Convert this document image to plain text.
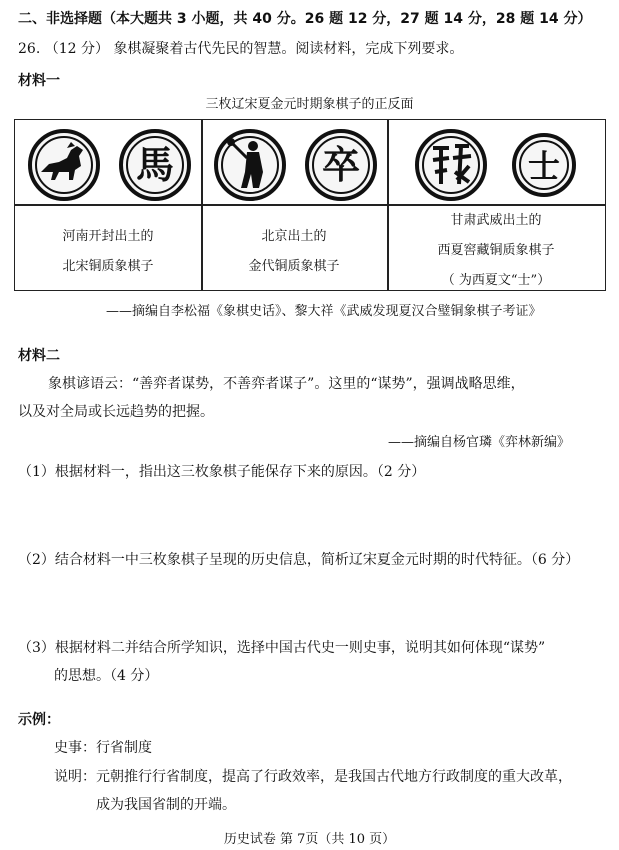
二、非选择题（本大题共 3 小题，共 40 分。26 题 12 分，27 题 14 分，28 题 14 分）
26. （12 分） 象棋凝聚着古代先民的智慧。阅读材料，完成下列要求。
材料一
三枚辽宋夏金元时期象棋子的正反面
馬	卒	士
河南开封出土的
北宋铜质象棋子
北京出土的
金代铜质象棋子
甘肃武威出土的
西夏窖藏铜质象棋子
（ 为西夏文“士”）
——摘编自李松福《象棋史话》、黎大祥《武威发现夏汉合璧铜象棋子考证》
材料二
象棋谚语云：“善弈者谋势，不善弈者谋子”。这里的“谋势”，强调战略思维，
以及对全局或长远趋势的把握。
——摘编自杨官璘《弈林新编》
（1）根据材料一，指出这三枚象棋子能保存下来的原因。（2 分）
（2）结合材料一中三枚象棋子呈现的历史信息，简析辽宋夏金元时期的时代特征。（6 分）
（3）根据材料二并结合所学知识，选择中国古代史一则史事，说明其如何体现“谋势”
的思想。（4 分）
示例：
史事：行省制度
说明：元朝推行行省制度，提高了行政效率，是我国古代地方行政制度的重大改革，
成为我国省制的开端。
历史试卷 第 7页（共 10 页）
